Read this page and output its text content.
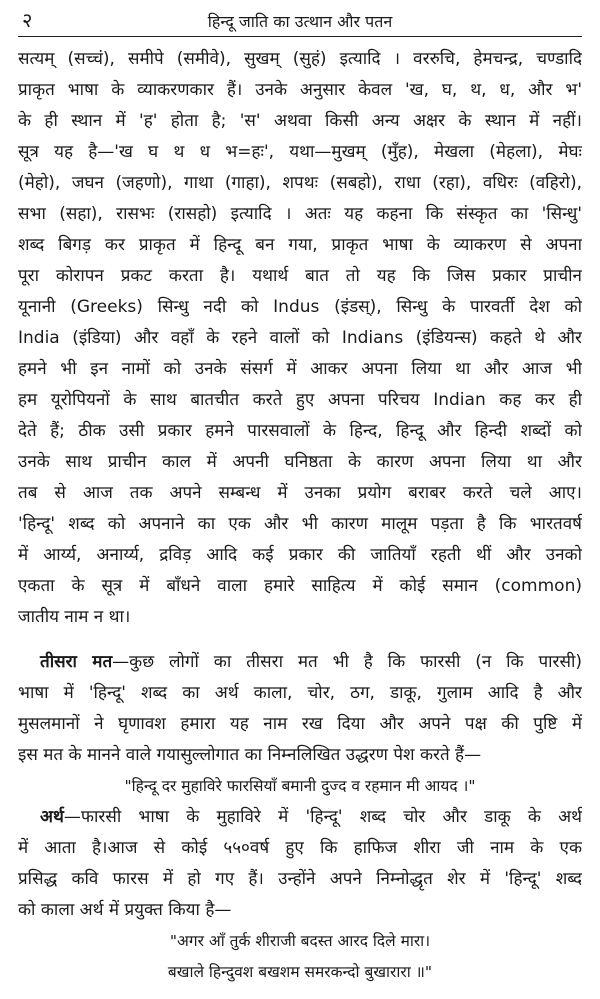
२	हिन्दू जाति का उत्थान और पतन
सत्यम् (सच्चं), समीपे (समीवे), सुखम् (सुहं) इत्यादि । वररुचि, हेमचन्द्र, चण्डादि
प्राकृत भाषा के व्याकरणकार हैं। उनके अनुसार केवल 'ख, घ, थ, ध, और भ'
के ही स्थान में 'ह' होता है; 'स' अथवा किसी अन्य अक्षर के स्थान में नहीं।
सूत्र यह है—'ख घ थ ध भ=हः', यथा—मुखम् (मुँह), मेखला (मेहला), मेघः
(मेहो), जघन (जहणो), गाथा (गाहा), शपथः (सबहो), राधा (रहा), वधिरः (वहिरो),
सभा (सहा), रासभः (रासहो) इत्यादि । अतः यह कहना कि संस्कृत का 'सिन्धु'
शब्द बिगड़ कर प्राकृत में हिन्दू बन गया, प्राकृत भाषा के व्याकरण से अपना
पूरा कोरापन प्रकट करता है। यथार्थ बात तो यह कि जिस प्रकार प्राचीन
यूनानी (Greeks) सिन्धु नदी को Indus (इंडस्), सिन्धु के पारवर्ती देश को
India (इंडिया) और वहाँ के रहने वालों को Indians (इंडियन्स) कहते थे और
हमने भी इन नामों को उनके संसर्ग में आकर अपना लिया था और आज भी
हम यूरोपियनों के साथ बातचीत करते हुए अपना परिचय Indian कह कर ही
देते हैं; ठीक उसी प्रकार हमने पारसवालों के हिन्द, हिन्दू और हिन्दी शब्दों को
उनके साथ प्राचीन काल में अपनी घनिष्ठता के कारण अपना लिया था और
तब से आज तक अपने सम्बन्ध में उनका प्रयोग बराबर करते चले आए।
'हिन्दू' शब्द को अपनाने का एक और भी कारण मालूम पड़ता है कि भारतवर्ष
में आर्य्य, अनार्य्य, द्रविड़ आदि कई प्रकार की जातियाँ रहती थीं और उनको
एकता के सूत्र में बाँधने वाला हमारे साहित्य में कोई समान (common)
जातीय नाम न था।
तीसरा मत—कुछ लोगों का तीसरा मत भी है कि फारसी (न कि पारसी)
भाषा में 'हिन्दू' शब्द का अर्थ काला, चोर, ठग, डाकू, गुलाम आदि है और
मुसलमानों ने घृणावश हमारा यह नाम रख दिया और अपने पक्ष की पुष्टि में
इस मत के मानने वाले गयासुल्लोगात का निम्नलिखित उद्धरण पेश करते हैं—
"हिन्दू दर मुहाविरे फारसियाँ बमानी दुज्द व रहमान मी आयद ।"
अर्थ—फारसी भाषा के मुहाविरे में 'हिन्दू' शब्द चोर और डाकू के अर्थ
में आता है।आज से कोई ५५०वर्ष हुए कि हाफिज शीरा जी नाम के एक
प्रसिद्ध कवि फारस में हो गए हैं। उन्होंने अपने निम्नोद्धृत शेर में 'हिन्दू' शब्द
को काला अर्थ में प्रयुक्त किया है—
"अगर आँ तुर्क शीराजी बदस्त आरद दिले मारा।
बखाले हिन्दुवश बखशम समरकन्दो बुखारारा ॥"
